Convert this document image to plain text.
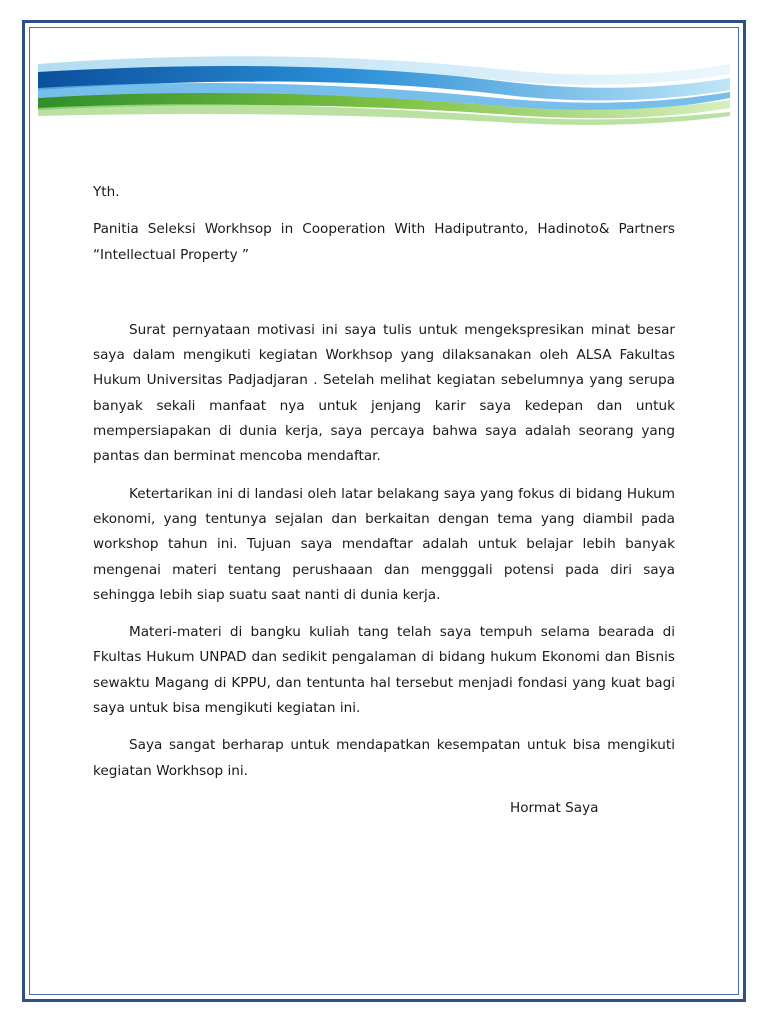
Yth.

Panitia Seleksi Workhsop in Cooperation With Hadiputranto, Hadinoto& Partners “Intellectual Property ”

Surat pernyataan motivasi ini saya tulis untuk mengekspresikan minat besar saya dalam mengikuti kegiatan Workhsop yang dilaksanakan oleh ALSA Fakultas Hukum Universitas Padjadjaran . Setelah melihat kegiatan sebelumnya yang serupa banyak sekali manfaat nya untuk jenjang karir saya kedepan dan untuk mempersiapakan di dunia kerja, saya percaya bahwa saya adalah seorang yang pantas dan berminat mencoba mendaftar.

Ketertarikan ini di landasi oleh latar belakang saya yang fokus di bidang Hukum ekonomi, yang tentunya sejalan dan berkaitan dengan tema yang diambil pada workshop tahun ini. Tujuan saya mendaftar adalah untuk belajar lebih banyak mengenai materi tentang perushaaan dan mengggali potensi pada diri saya sehingga lebih siap suatu saat nanti di dunia kerja.

Materi-materi di bangku kuliah tang telah saya tempuh selama bearada di Fkultas Hukum UNPAD dan sedikit pengalaman di bidang hukum Ekonomi dan Bisnis sewaktu Magang di KPPU, dan tentunta hal tersebut menjadi fondasi yang kuat bagi saya untuk bisa mengikuti kegiatan ini.

Saya sangat berharap untuk mendapatkan kesempatan untuk bisa mengikuti kegiatan Workhsop ini.

Hormat Saya
